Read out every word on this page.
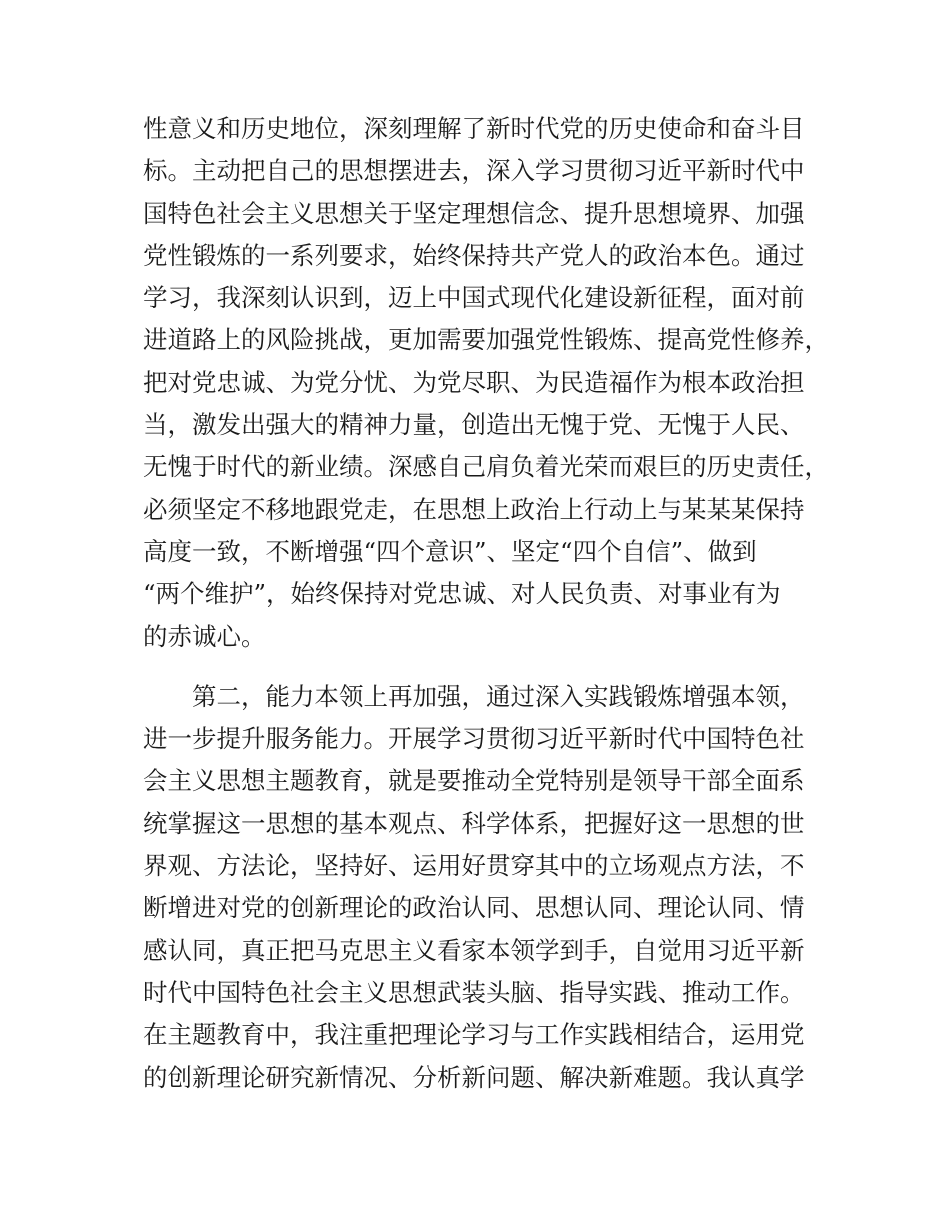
性意义和历史地位，深刻理解了新时代党的历史使命和奋斗目
标。主动把自己的思想摆进去，深入学习贯彻习近平新时代中
国特色社会主义思想关于坚定理想信念、提升思想境界、加强
党性锻炼的一系列要求，始终保持共产党人的政治本色。通过
学习，我深刻认识到，迈上中国式现代化建设新征程，面对前
进道路上的风险挑战，更加需要加强党性锻炼、提高党性修养，
把对党忠诚、为党分忧、为党尽职、为民造福作为根本政治担
当，激发出强大的精神力量，创造出无愧于党、无愧于人民、
无愧于时代的新业绩。深感自己肩负着光荣而艰巨的历史责任，
必须坚定不移地跟党走，在思想上政治上行动上与某某某保持
高度一致，不断增强“四个意识”、坚定“四个自信”、做到
“两个维护”，始终保持对党忠诚、对人民负责、对事业有为
的赤诚心。
第二，能力本领上再加强，通过深入实践锻炼增强本领，
进一步提升服务能力。开展学习贯彻习近平新时代中国特色社
会主义思想主题教育，就是要推动全党特别是领导干部全面系
统掌握这一思想的基本观点、科学体系，把握好这一思想的世
界观、方法论，坚持好、运用好贯穿其中的立场观点方法，不
断增进对党的创新理论的政治认同、思想认同、理论认同、情
感认同，真正把马克思主义看家本领学到手，自觉用习近平新
时代中国特色社会主义思想武装头脑、指导实践、推动工作。
在主题教育中，我注重把理论学习与工作实践相结合，运用党
的创新理论研究新情况、分析新问题、解决新难题。我认真学
